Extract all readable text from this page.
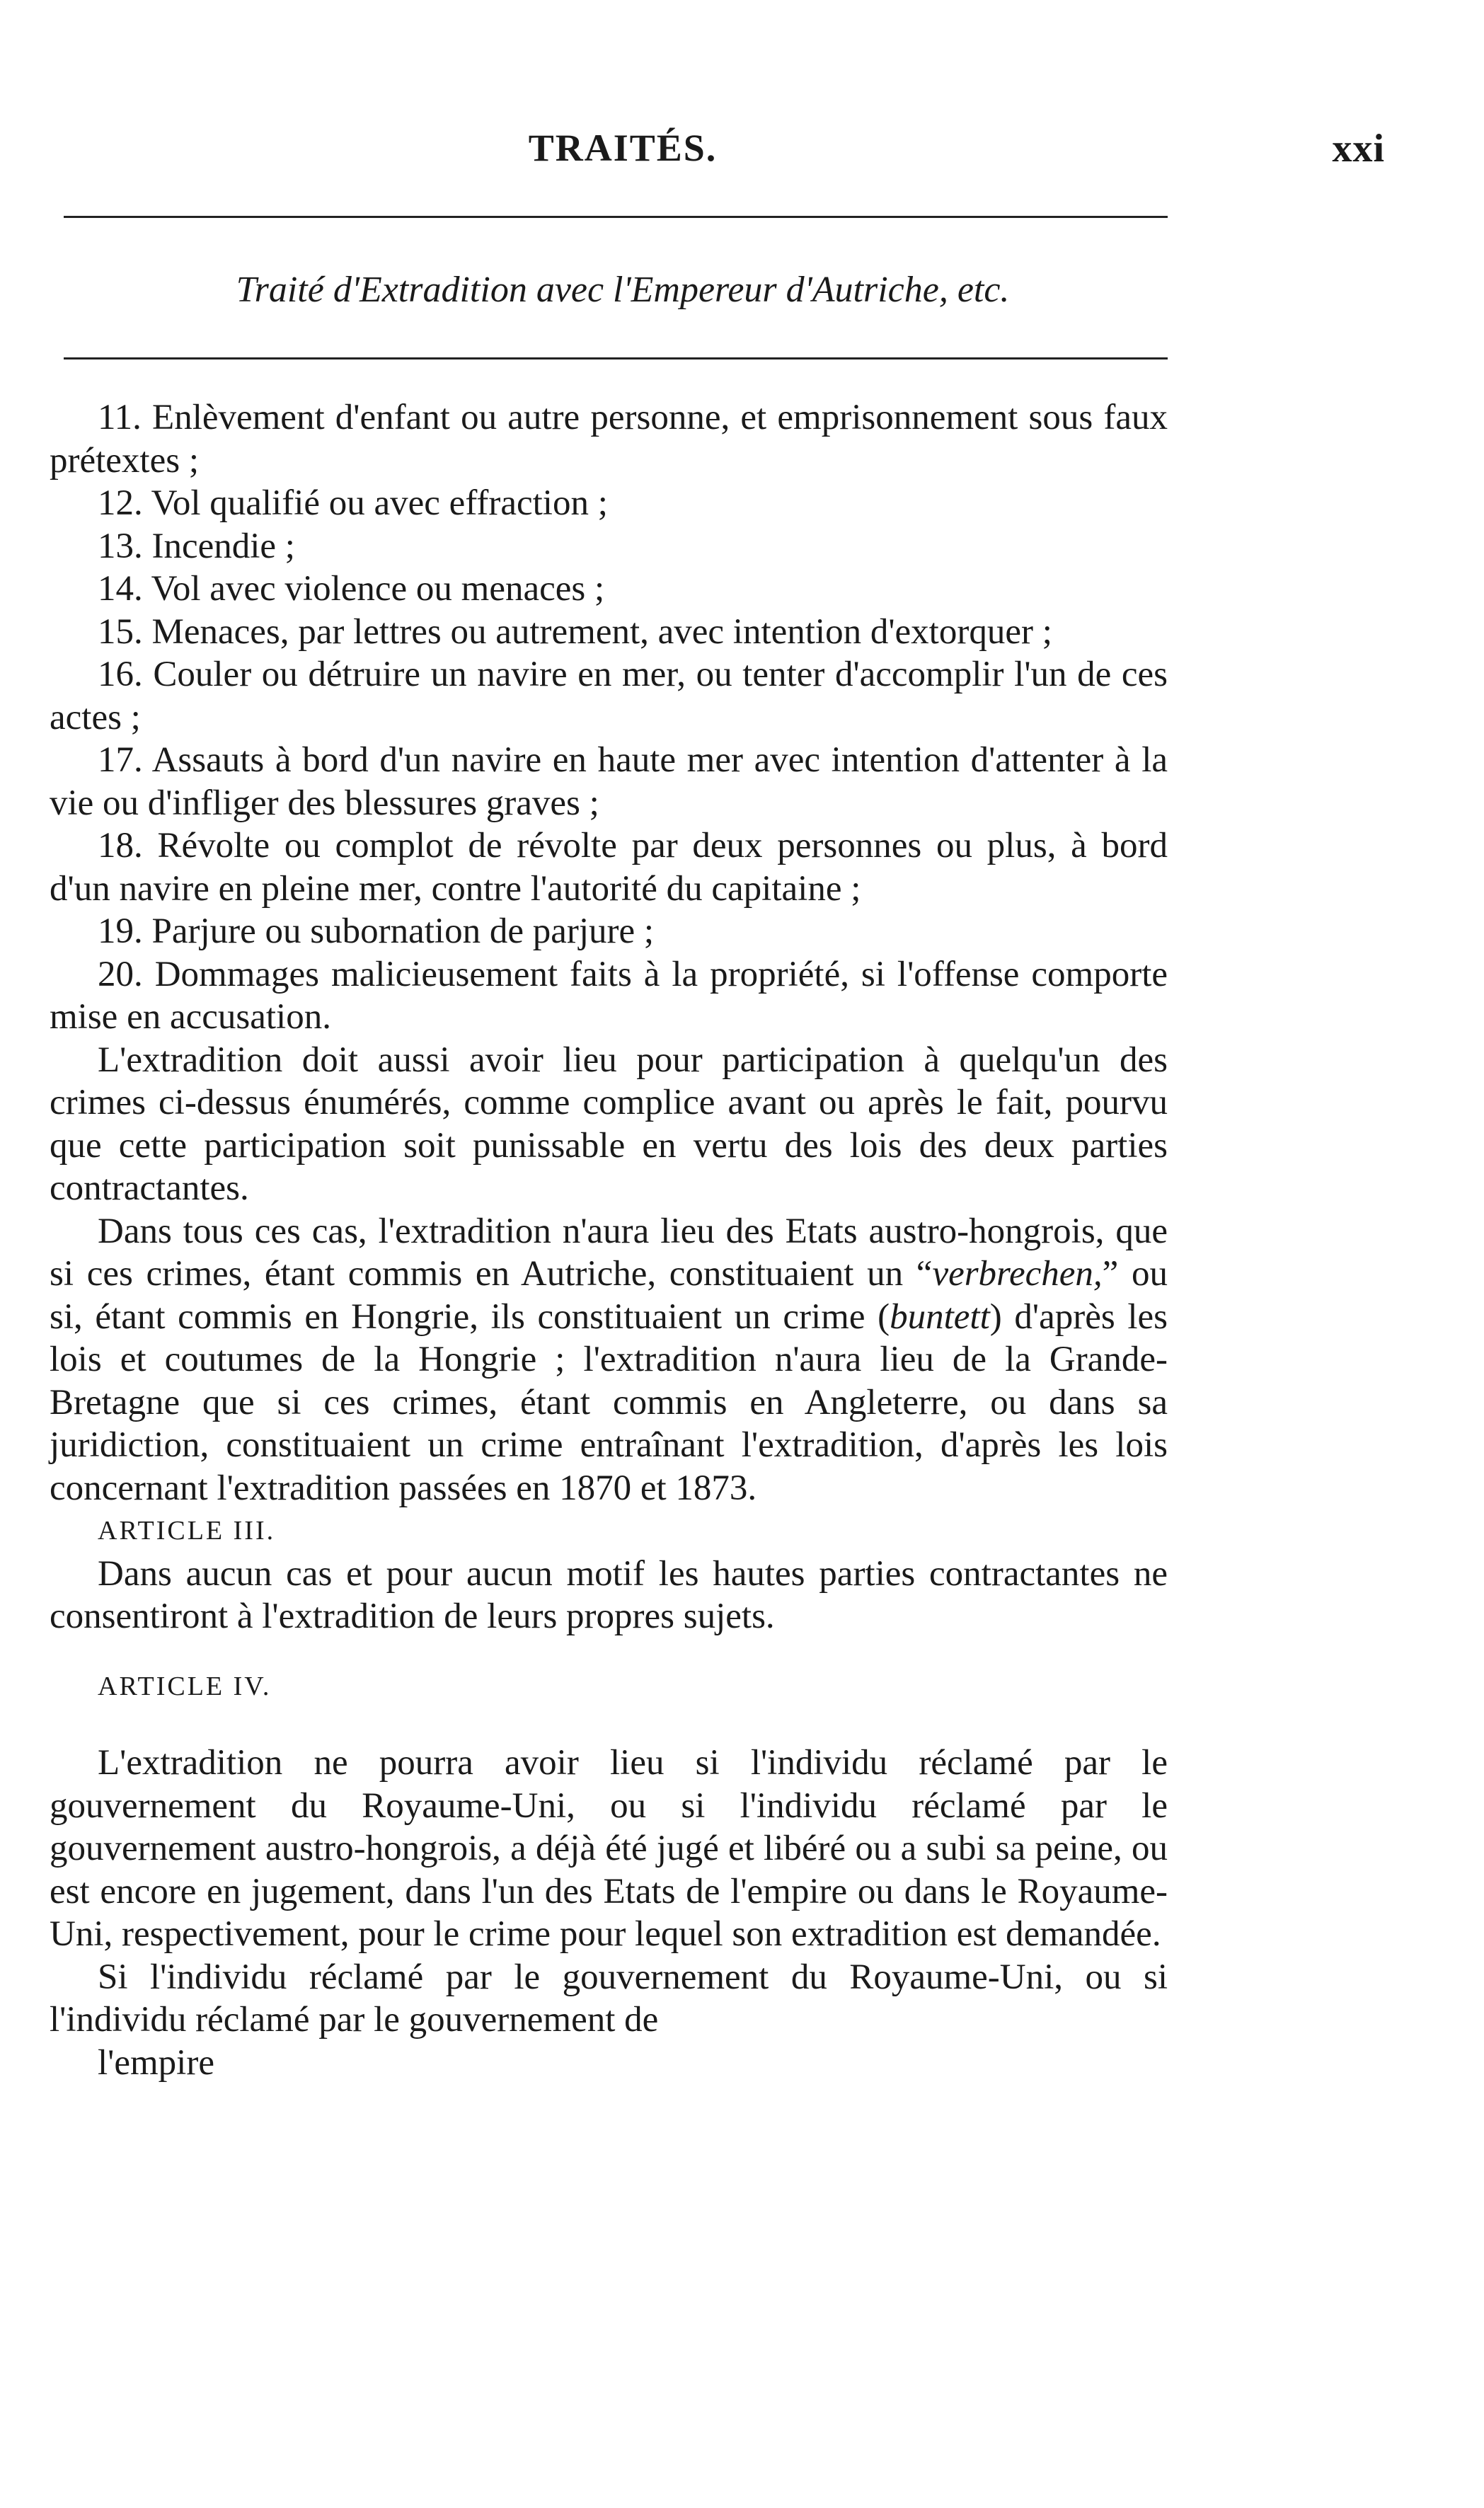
TRAITÉS.	xxi
Traité d'Extradition avec l'Empereur d'Autriche, etc.

11. Enlèvement d'enfant ou autre personne, et emprisonnement sous faux prétextes ;

12. Vol qualifié ou avec effraction ;

13. Incendie ;

14. Vol avec violence ou menaces ;

15. Menaces, par lettres ou autrement, avec intention d'extorquer ;

16. Couler ou détruire un navire en mer, ou tenter d'accomplir l'un de ces actes ;

17. Assauts à bord d'un navire en haute mer avec intention d'attenter à la vie ou d'infliger des blessures graves ;

18. Révolte ou complot de révolte par deux personnes ou plus, à bord d'un navire en pleine mer, contre l'autorité du capitaine ;

19. Parjure ou subornation de parjure ;

20. Dommages malicieusement faits à la propriété, si l'offense comporte mise en accusation.

L'extradition doit aussi avoir lieu pour participation à quelqu'un des crimes ci-dessus énumérés, comme complice avant ou après le fait, pourvu que cette participation soit punissable en vertu des lois des deux parties contractantes.

Dans tous ces cas, l'extradition n'aura lieu des Etats austro-hongrois, que si ces crimes, étant commis en Autriche, constituaient un “verbrechen,” ou si, étant commis en Hongrie, ils constituaient un crime (buntett) d'après les lois et coutumes de la Hongrie ; l'extradition n'aura lieu de la Grande-Bretagne que si ces crimes, étant commis en Angleterre, ou dans sa juridiction, constituaient un crime entraînant l'extradition, d'après les lois concernant l'extradition passées en 1870 et 1873.

ARTICLE III.

Dans aucun cas et pour aucun motif les hautes parties contractantes ne consentiront à l'extradition de leurs propres sujets.

ARTICLE IV.

L'extradition ne pourra avoir lieu si l'individu réclamé par le gouvernement du Royaume-Uni, ou si l'individu réclamé par le gouvernement austro-hongrois, a déjà été jugé et libéré ou a subi sa peine, ou est encore en jugement, dans l'un des Etats de l'empire ou dans le Royaume-Uni, respectivement, pour le crime pour lequel son extradition est demandée.

Si l'individu réclamé par le gouvernement du Royaume-Uni, ou si l'individu réclamé par le gouvernement de

l'empire
